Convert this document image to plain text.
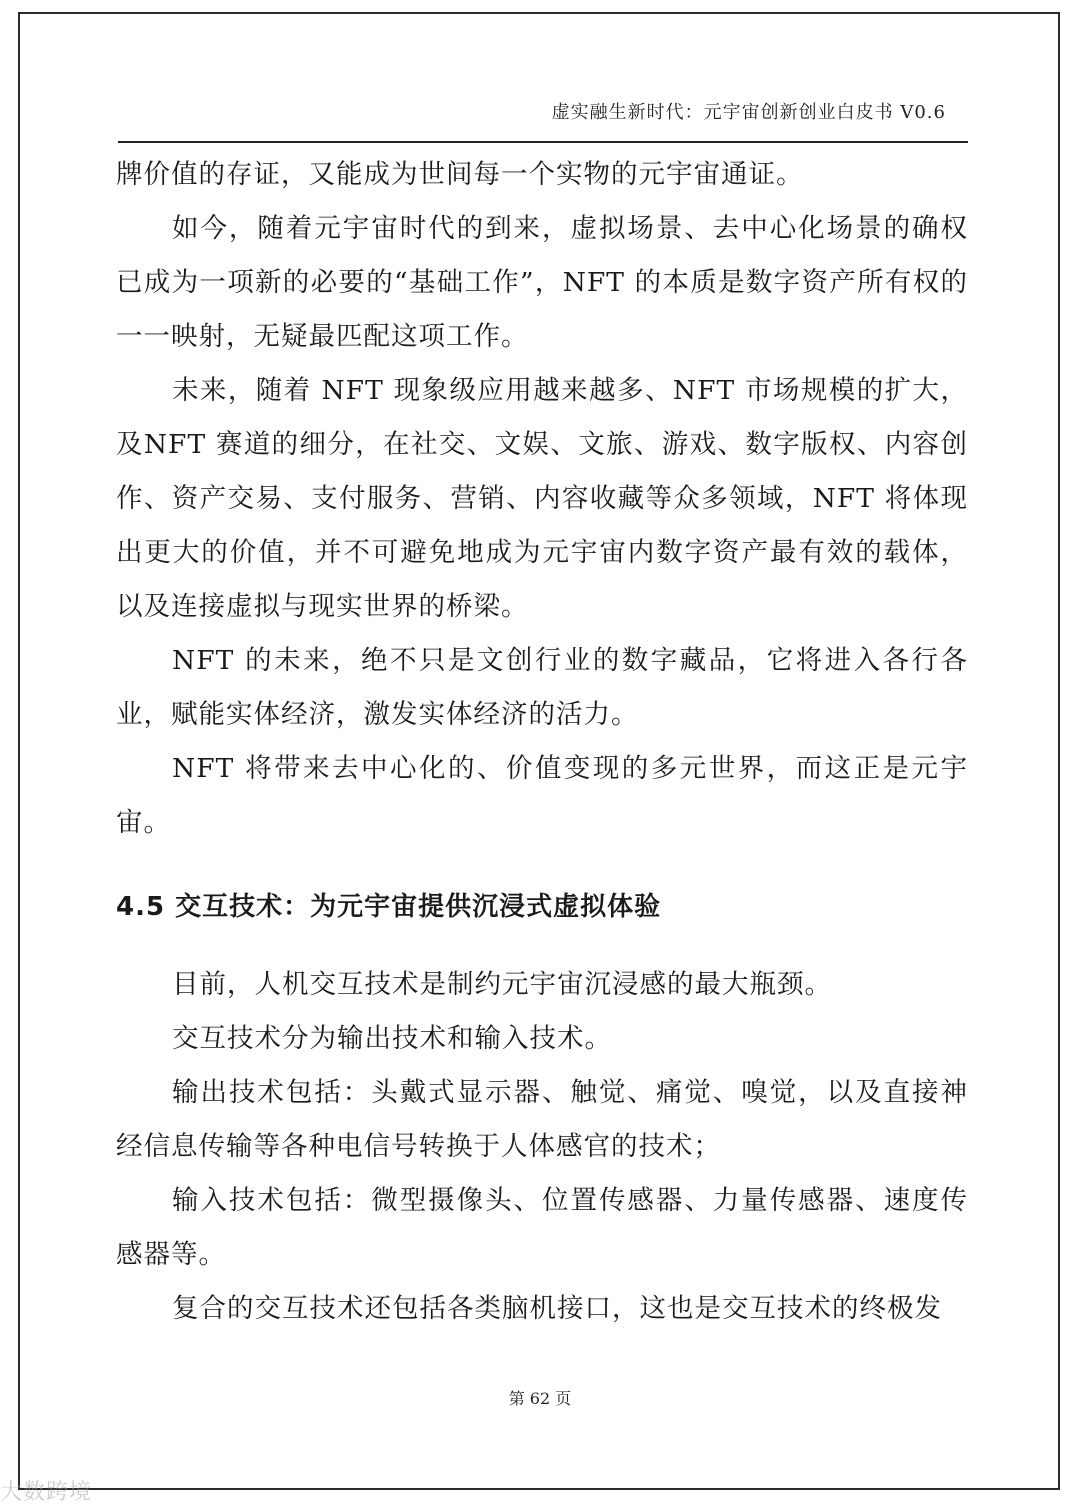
虚实融生新时代：元宇宙创新创业白皮书 V0.6

牌价值的存证，又能成为世间每一个实物的元宇宙通证。

如今，随着元宇宙时代的到来，虚拟场景、去中心化场景的确权已成为一项新的必要的“基础工作”，NFT 的本质是数字资产所有权的一一映射，无疑最匹配这项工作。

未来，随着 NFT 现象级应用越来越多、NFT 市场规模的扩大，及NFT 赛道的细分，在社交、文娱、文旅、游戏、数字版权、内容创作、资产交易、支付服务、营销、内容收藏等众多领域，NFT 将体现出更大的价值，并不可避免地成为元宇宙内数字资产最有效的载体，以及连接虚拟与现实世界的桥梁。

NFT 的未来，绝不只是文创行业的数字藏品，它将进入各行各业，赋能实体经济，激发实体经济的活力。

NFT 将带来去中心化的、价值变现的多元世界，而这正是元宇宙。

4.5 交互技术：为元宇宙提供沉浸式虚拟体验

目前，人机交互技术是制约元宇宙沉浸感的最大瓶颈。

交互技术分为输出技术和输入技术。

输出技术包括：头戴式显示器、触觉、痛觉、嗅觉，以及直接神经信息传输等各种电信号转换于人体感官的技术；

输入技术包括：微型摄像头、位置传感器、力量传感器、速度传感器等。

复合的交互技术还包括各类脑机接口，这也是交互技术的终极发

第 62 页
大数跨境
